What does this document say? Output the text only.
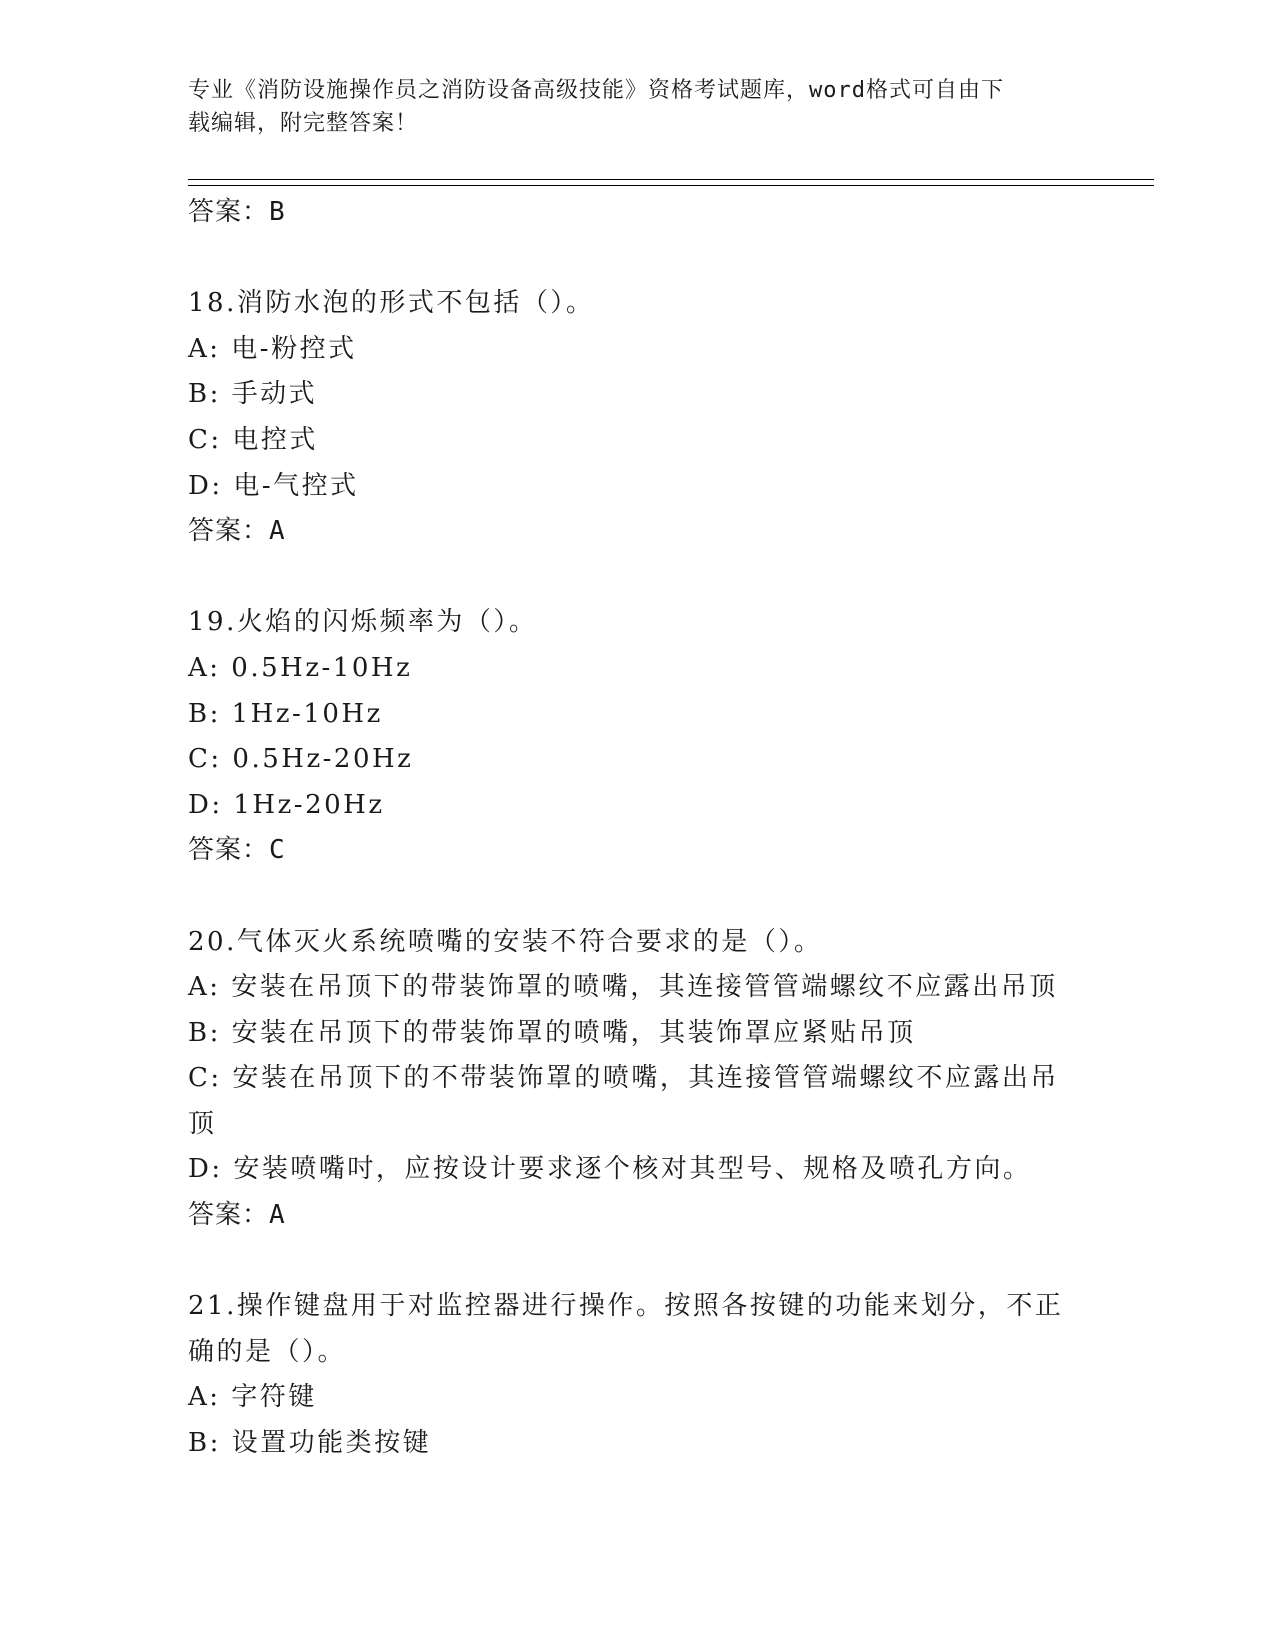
专业《消防设施操作员之消防设备高级技能》资格考试题库，word格式可自由下
载编辑，附完整答案！
答案：B
18.消防水泡的形式不包括（）。
A: 电-粉控式
B: 手动式
C: 电控式
D: 电-气控式
答案：A
19.火焰的闪烁频率为（）。
A: 0.5Hz-10Hz
B: 1Hz-10Hz
C: 0.5Hz-20Hz
D: 1Hz-20Hz
答案：C
20.气体灭火系统喷嘴的安装不符合要求的是（）。
A: 安装在吊顶下的带装饰罩的喷嘴，其连接管管端螺纹不应露出吊顶
B: 安装在吊顶下的带装饰罩的喷嘴，其装饰罩应紧贴吊顶
C: 安装在吊顶下的不带装饰罩的喷嘴，其连接管管端螺纹不应露出吊
顶
D: 安装喷嘴吋，应按设计要求逐个核对其型号、规格及喷孔方向。
答案：A
21.操作键盘用于对监控器进行操作。按照各按键的功能来划分，不正
确的是（）。
A: 字符键
B: 设置功能类按键
